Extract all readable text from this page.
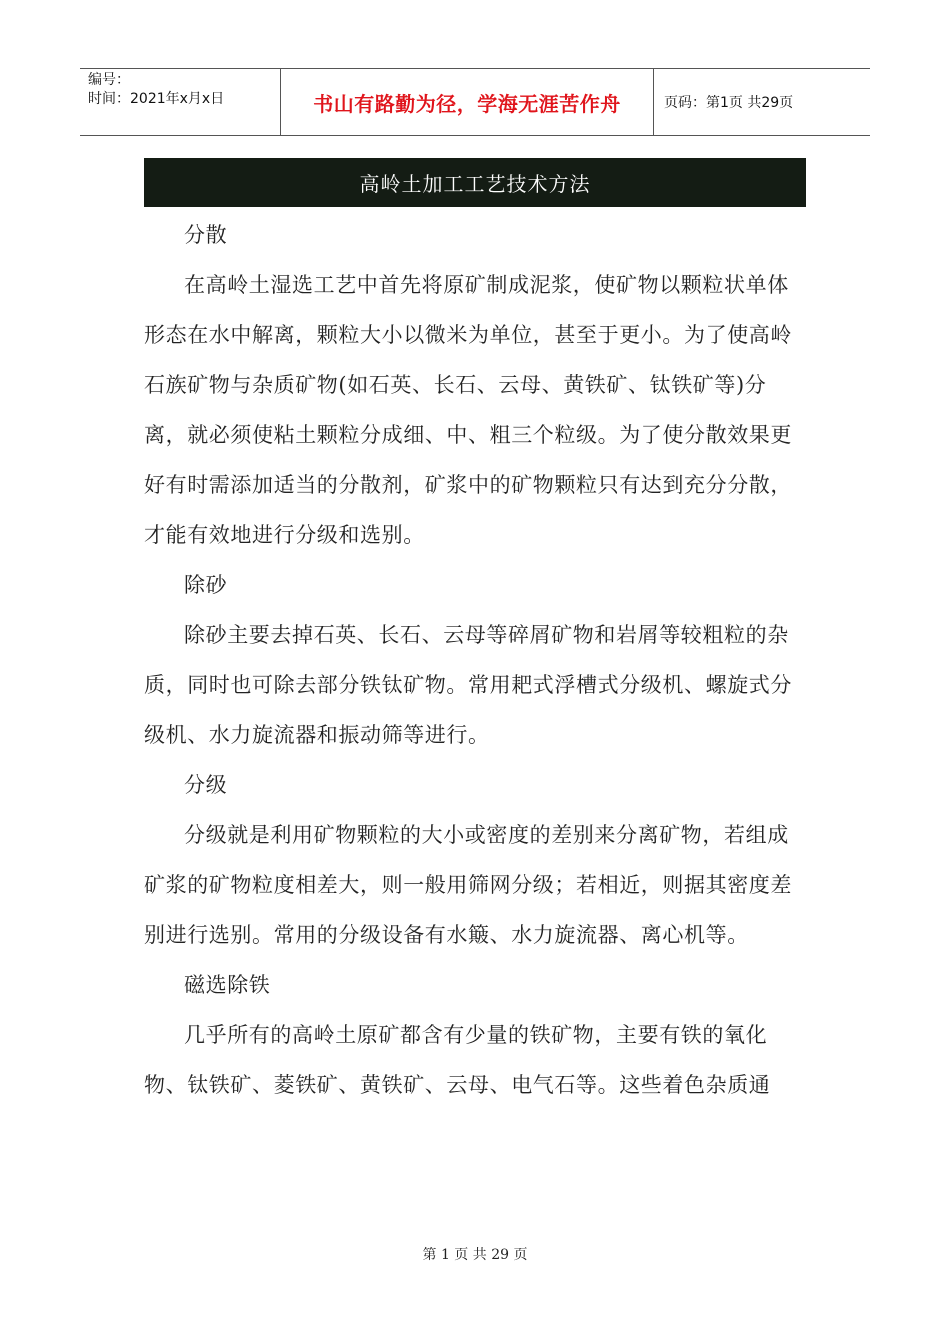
编号：
时间：2021年x月x日	书山有路勤为径，学海无涯苦作舟	页码：第1页 共29页
高岭土加工工艺技术方法

分散

在高岭土湿选工艺中首先将原矿制成泥浆，使矿物以颗粒状单体形态在水中解离，颗粒大小以微米为单位，甚至于更小。为了使高岭石族矿物与杂质矿物(如石英、长石、云母、黄铁矿、钛铁矿等)分离，就必须使粘土颗粒分成细、中、粗三个粒级。为了使分散效果更好有时需添加适当的分散剂，矿浆中的矿物颗粒只有达到充分分散，才能有效地进行分级和选别。

除砂

除砂主要去掉石英、长石、云母等碎屑矿物和岩屑等较粗粒的杂质，同时也可除去部分铁钛矿物。常用耙式浮槽式分级机、螺旋式分级机、水力旋流器和振动筛等进行。

分级

分级就是利用矿物颗粒的大小或密度的差别来分离矿物，若组成矿浆的矿物粒度相差大，则一般用筛网分级；若相近，则据其密度差别进行选别。常用的分级设备有水簸、水力旋流器、离心机等。

磁选除铁

几乎所有的高岭土原矿都含有少量的铁矿物，主要有铁的氧化物、钛铁矿、菱铁矿、黄铁矿、云母、电气石等。这些着色杂质通

第 1 页 共 29 页
